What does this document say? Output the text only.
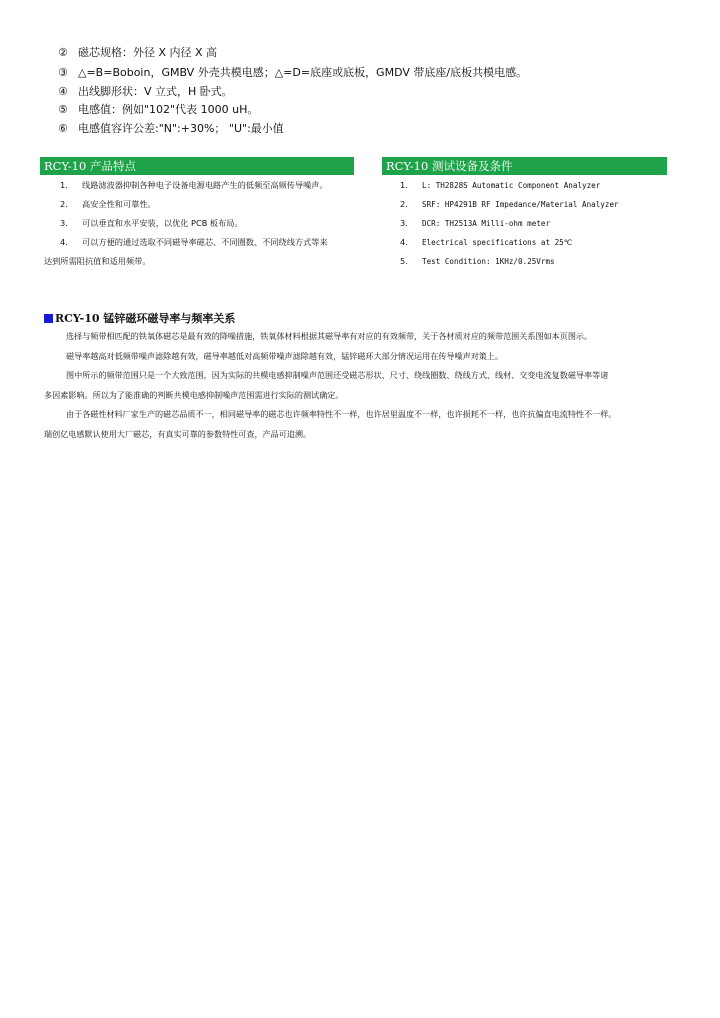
② 磁芯规格：外径 X 内径 X 高
③ △=B=Boboin，GMBV 外壳共模电感；△=D=底座或底板，GMDV 带底座/底板共模电感。
④ 出线脚形状：V 立式，H 卧式。
⑤ 电感值：例如"102"代表 1000 uH。
⑥ 电感值容许公差:"N":+30%； "U":最小值
RCY-10 产品特点
1. 线路滤波器抑制各种电子设备电源电路产生的低频至高频传导噪声。
2. 高安全性和可靠性。
3. 可以垂直和水平安装，以优化 PCB 板布局。
4. 可以方便的通过选取不同磁导率磁芯、不同圈数、不同绕线方式等来
达到所需阻抗值和适用频带。
RCY-10 测试设备及条件
1. L: TH2828S Automatic Component Analyzer
2. SRF: HP4291B RF Impedance/Material Analyzer
3. DCR: TH2513A Milli-ohm meter
4. Electrical specifications at 25℃
5. Test Condition: 1KHz/0.25Vrms
RCY-10 锰锌磁环磁导率与频率关系

选择与频带相匹配的铁氧体磁芯是最有效的降噪措施，铁氧体材料根据其磁导率有对应的有效频带，关于各材质对应的频带范围关系图如本页图示。

磁导率越高对低频带噪声滤除越有效，磁导率越低对高频带噪声滤除越有效，锰锌磁环大部分情况运用在传导噪声对策上。

图中所示的频带范围只是一个大致范围，因为实际的共模电感抑制噪声范围还受磁芯形状、尺寸、绕线圈数、绕线方式、线材、交变电流复数磁导率等诸

多因素影响。所以为了能准确的判断共模电感抑制噪声范围需进行实际的测试确定。

由于各磁性材料厂家生产的磁芯品质不一，相同磁导率的磁芯也许频率特性不一样，也许居里温度不一样，也许损耗不一样，也许抗偏直电流特性不一样。

瑞创亿电感默认使用大厂磁芯，有真实可靠的参数特性可查，产品可追溯。
